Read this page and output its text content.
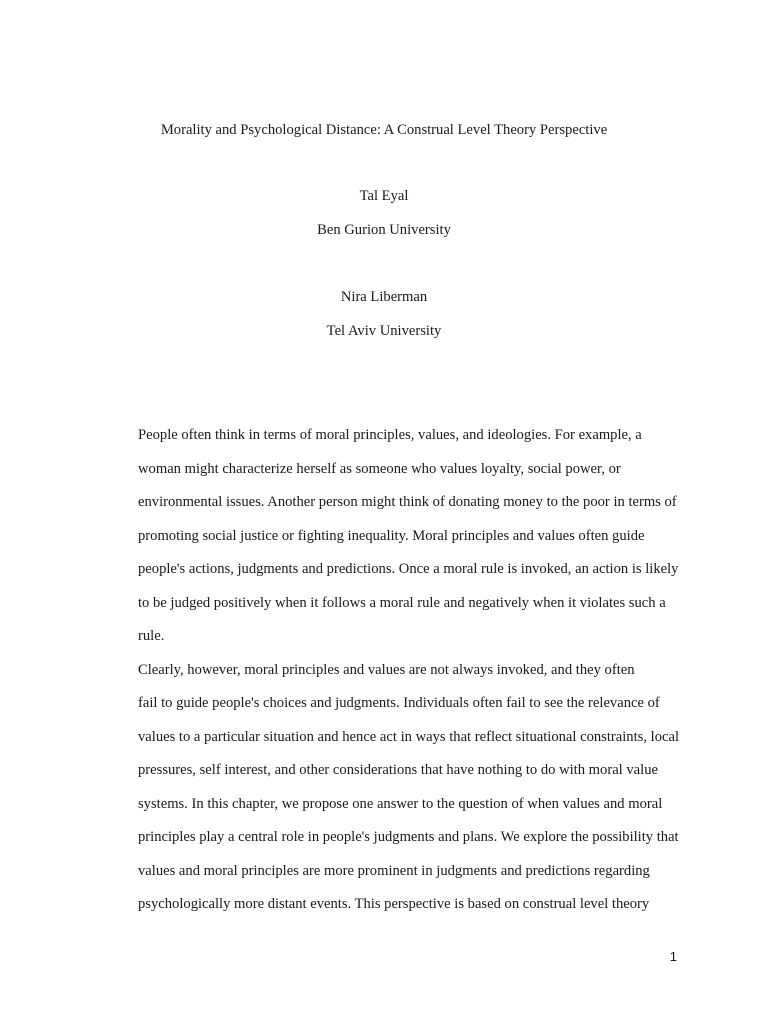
Morality and Psychological Distance: A Construal Level Theory Perspective
Tal Eyal
Ben Gurion University
Nira Liberman
Tel Aviv University

People often think in terms of moral principles, values, and ideologies. For example, a
woman might characterize herself as someone who values loyalty, social power, or
environmental issues. Another person might think of donating money to the poor in terms of
promoting social justice or fighting inequality. Moral principles and values often guide
people's actions, judgments and predictions. Once a moral rule is invoked, an action is likely
to be judged positively when it follows a moral rule and negatively when it violates such a
rule.

Clearly, however, moral principles and values are not always invoked, and they often
fail to guide people's choices and judgments. Individuals often fail to see the relevance of
values to a particular situation and hence act in ways that reflect situational constraints, local
pressures, self interest, and other considerations that have nothing to do with moral value
systems. In this chapter, we propose one answer to the question of when values and moral
principles play a central role in people's judgments and plans. We explore the possibility that
values and moral principles are more prominent in judgments and predictions regarding
psychologically more distant events. This perspective is based on construal level theory

1
